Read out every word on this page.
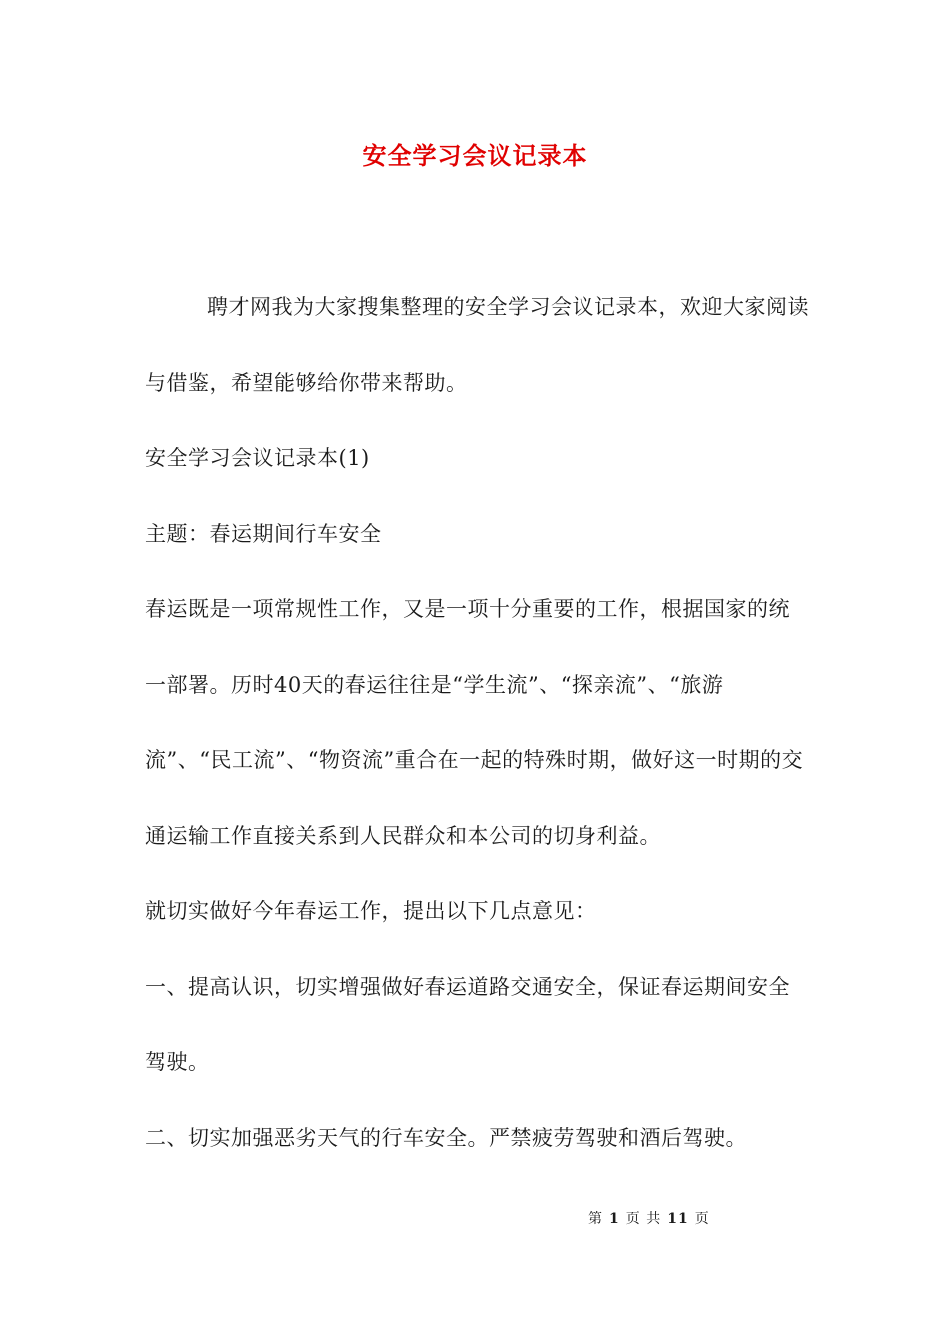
安全学习会议记录本

聘才网我为大家搜集整理的安全学习会议记录本，欢迎大家阅读与借鉴，希望能够给你带来帮助。

安全学习会议记录本(1)

主题：春运期间行车安全

春运既是一项常规性工作，又是一项十分重要的工作，根据国家的统一部署。历时40天的春运往往是“学生流”、“探亲流”、“旅游流”、“民工流”、“物资流”重合在一起的特殊时期，做好这一时期的交通运输工作直接关系到人民群众和本公司的切身利益。

就切实做好今年春运工作，提出以下几点意见：

一、提高认识，切实增强做好春运道路交通安全，保证春运期间安全驾驶。

二、切实加强恶劣天气的行车安全。严禁疲劳驾驶和酒后驾驶。

第 1 页 共 11 页
